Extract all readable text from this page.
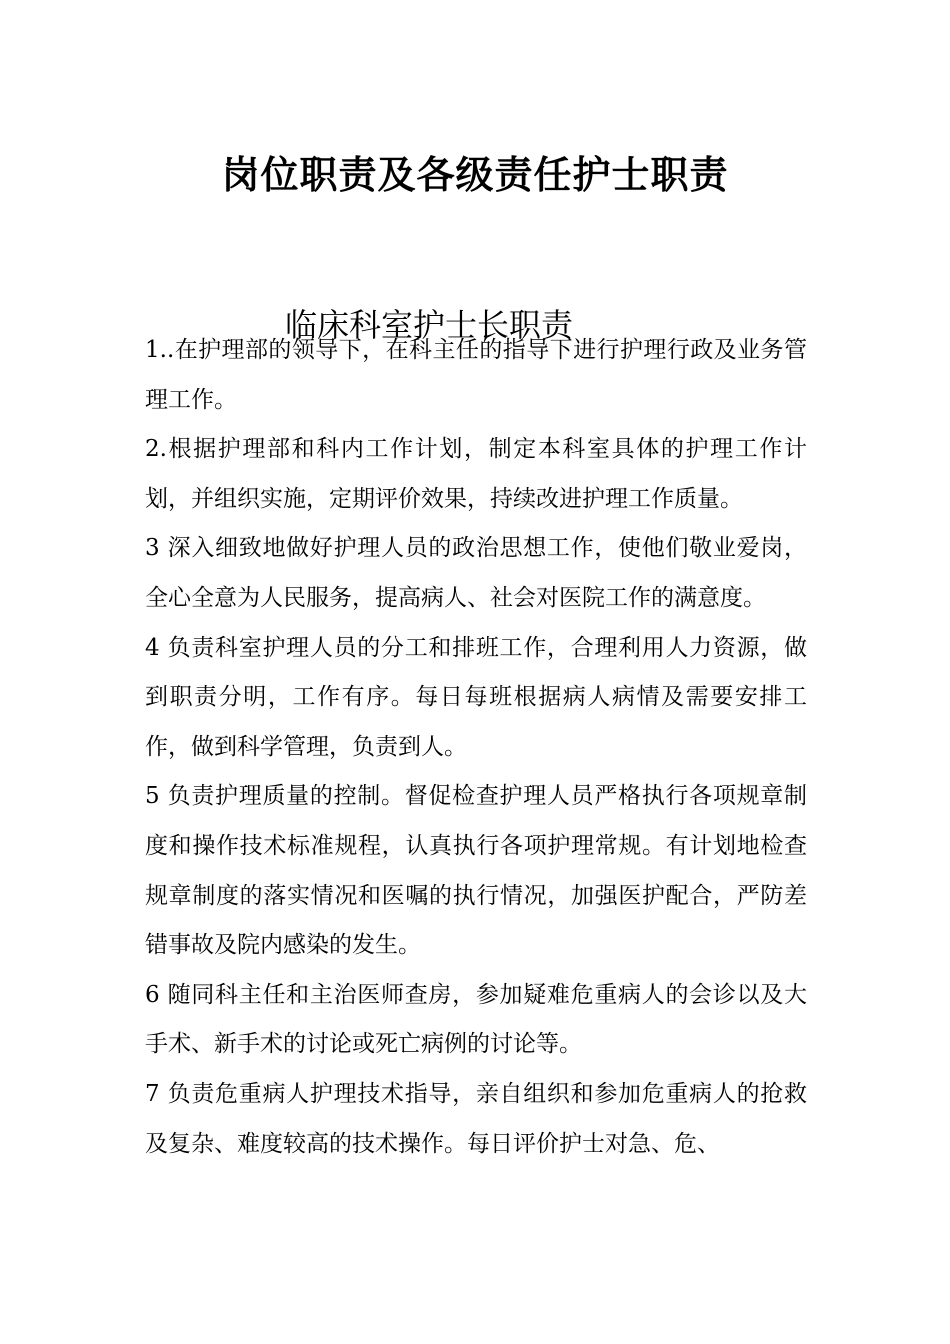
岗位职责及各级责任护士职责
临床科室护士长职责

1..在护理部的领导下，在科主任的指导下进行护理行政及业务管理工作。

2.根据护理部和科内工作计划，制定本科室具体的护理工作计划，并组织实施，定期评价效果，持续改进护理工作质量。

3 深入细致地做好护理人员的政治思想工作，使他们敬业爱岗，全心全意为人民服务，提高病人、社会对医院工作的满意度。

4 负责科室护理人员的分工和排班工作，合理利用人力资源，做到职责分明，工作有序。每日每班根据病人病情及需要安排工作，做到科学管理，负责到人。

5 负责护理质量的控制。督促检查护理人员严格执行各项规章制度和操作技术标准规程，认真执行各项护理常规。有计划地检查规章制度的落实情况和医嘱的执行情况，加强医护配合，严防差错事故及院内感染的发生。

6 随同科主任和主治医师查房，参加疑难危重病人的会诊以及大手术、新手术的讨论或死亡病例的讨论等。

7 负责危重病人护理技术指导，亲自组织和参加危重病人的抢救及复杂、难度较高的技术操作。每日评价护士对急、危、
